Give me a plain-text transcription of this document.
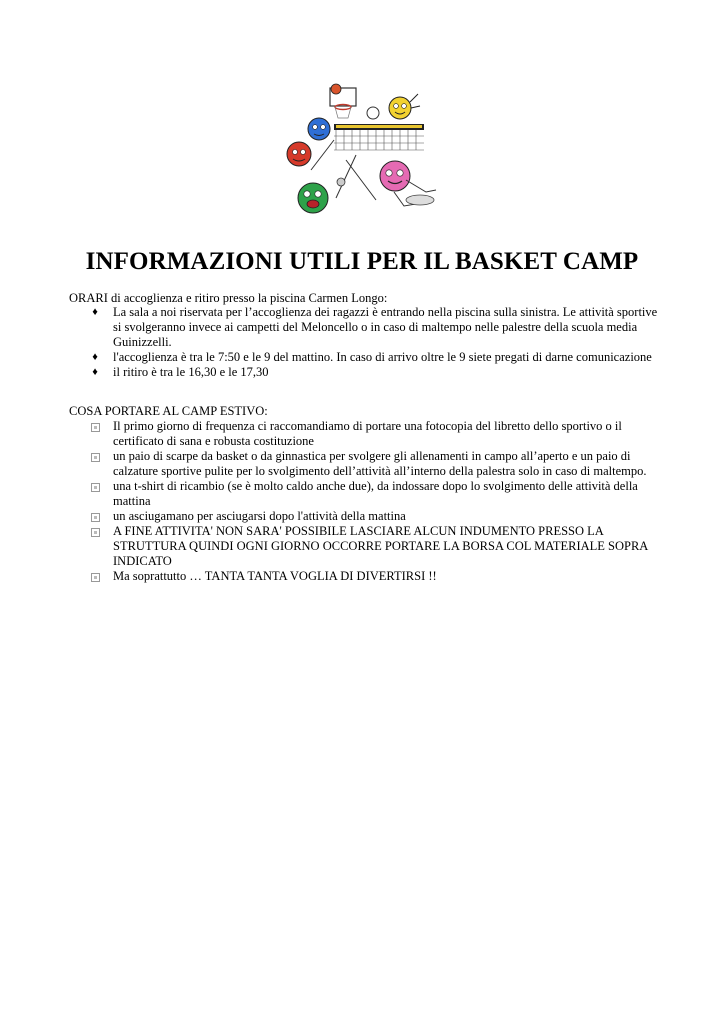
INFORMAZIONI UTILI PER IL BASKET CAMP

ORARI di accoglienza e ritiro presso la piscina Carmen Longo:

♦	La sala a noi riservata per l’accoglienza dei ragazzi è entrando nella piscina sulla sinistra. Le attività sportive si svolgeranno invece ai campetti del Meloncello o in caso di maltempo nelle palestre della scuola media Guinizzelli.
♦	l'accoglienza è tra le 7:50 e le 9 del mattino. In caso di arrivo oltre le 9 siete pregati di darne comunicazione
♦	il ritiro è tra le 16,30 e le 17,30

COSA PORTARE AL CAMP ESTIVO:

Il primo giorno di frequenza ci raccomandiamo di portare una fotocopia del libretto dello sportivo o il certificato di sana e robusta costituzione
un paio di scarpe da basket o da ginnastica per svolgere gli allenamenti in campo all’aperto e un paio di calzature sportive pulite per lo svolgimento dell’attività all’interno della palestra solo in caso di maltempo.
una t-shirt di ricambio (se è molto caldo anche due), da indossare dopo lo svolgimento delle attività della mattina
un asciugamano per asciugarsi dopo l'attività della mattina
A FINE ATTIVITA' NON SARA' POSSIBILE LASCIARE ALCUN INDUMENTO PRESSO LA STRUTTURA QUINDI OGNI GIORNO OCCORRE PORTARE LA BORSA COL MATERIALE SOPRA INDICATO
Ma soprattutto … TANTA TANTA VOGLIA DI DIVERTIRSI !!
